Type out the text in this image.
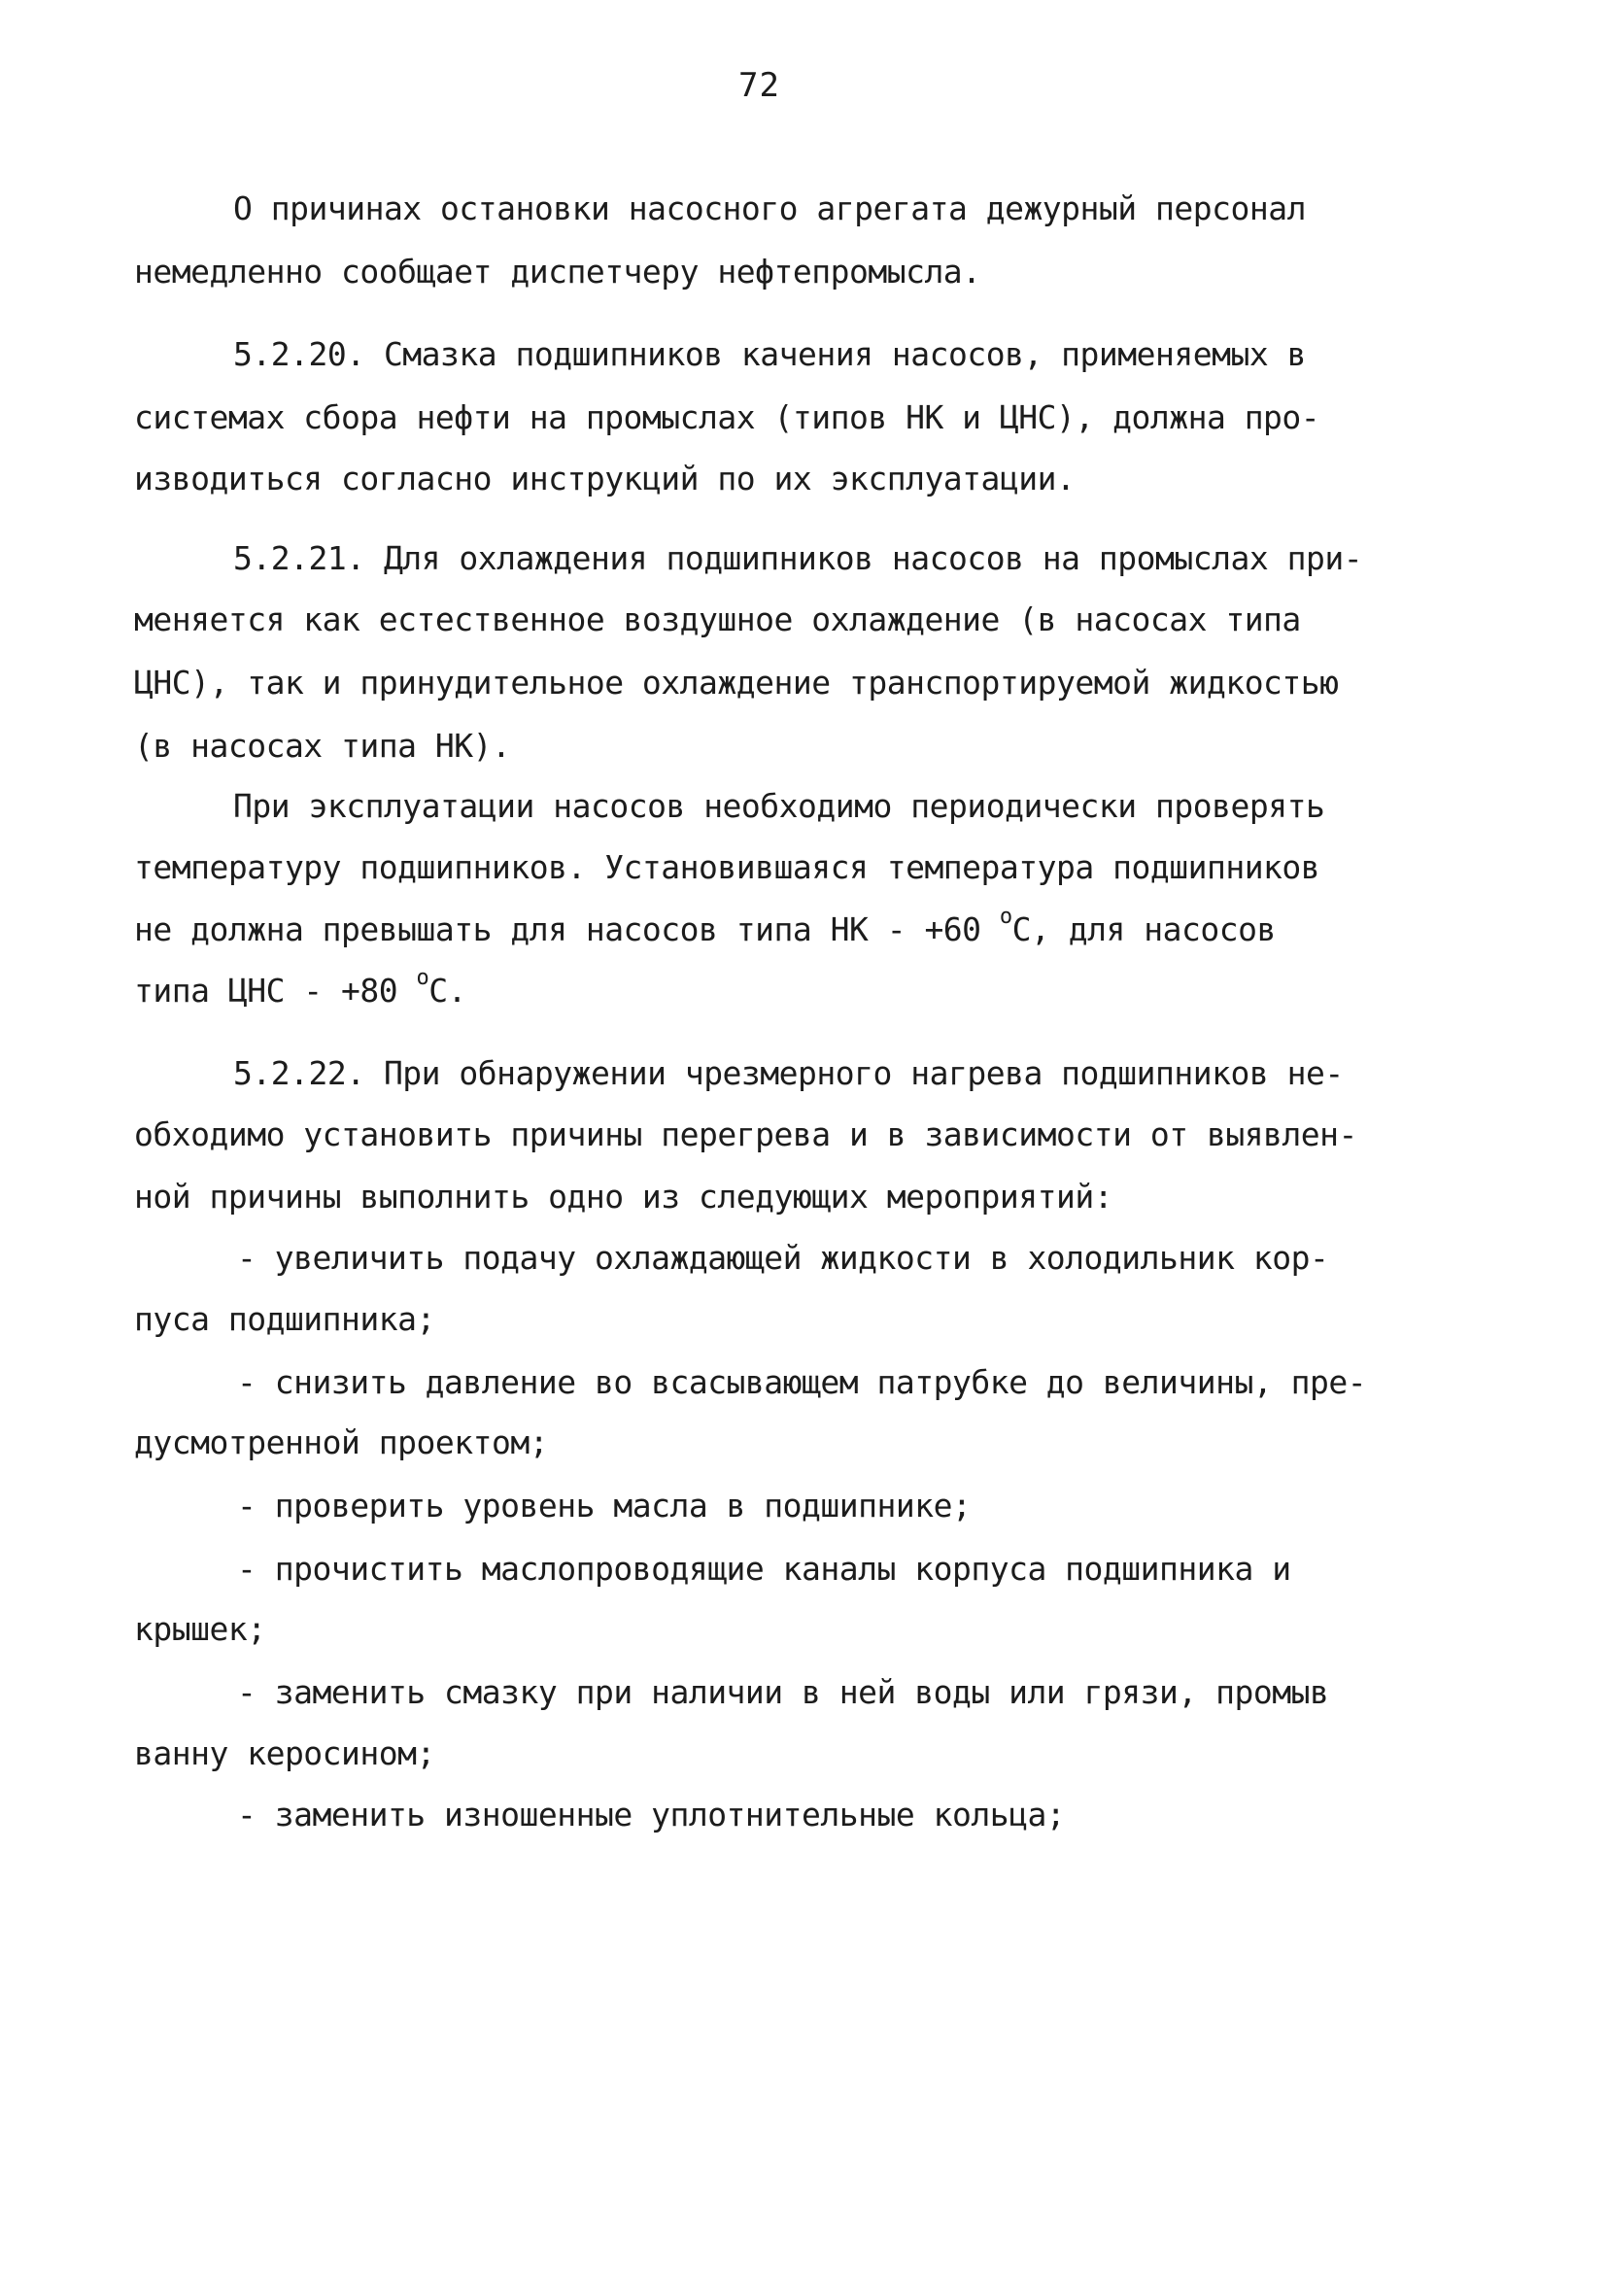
72
О причинах остановки насосного агрегата дежурный персонал
немедленно сообщает диспетчеру нефтепромысла.
5.2.20. Смазка подшипников качения насосов, применяемых в
системах сбора нефти на промыслах (типов НК и ЦНС), должна про-
изводиться согласно инструкций по их эксплуатации.
5.2.21. Для охлаждения подшипников насосов на промыслах при-
меняется как естественное воздушное охлаждение (в насосах типа
ЦНС), так и принудительное охлаждение транспортируемой жидкостью
(в насосах типа НК).
При эксплуатации насосов необходимо периодически проверять
температуру подшипников. Установившаяся температура подшипников
не должна превышать для насосов типа НК - +60 $^о$С, для насосов
типа ЦНС - +80 $^о$С.
5.2.22. При обнаружении чрезмерного нагрева подшипников не-
обходимо установить причины перегрева и в зависимости от выявлен-
ной причины выполнить одно из следующих мероприятий:
- увеличить подачу охлаждающей жидкости в холодильник кор-
пуса подшипника;
- снизить давление во всасывающем патрубке до величины, пре-
дусмотренной проектом;
- проверить уровень масла в подшипнике;
- прочистить маслопроводящие каналы корпуса подшипника и
крышек;
- заменить смазку при наличии в ней воды или грязи, промыв
ванну керосином;
- заменить изношенные уплотнительные кольца;
